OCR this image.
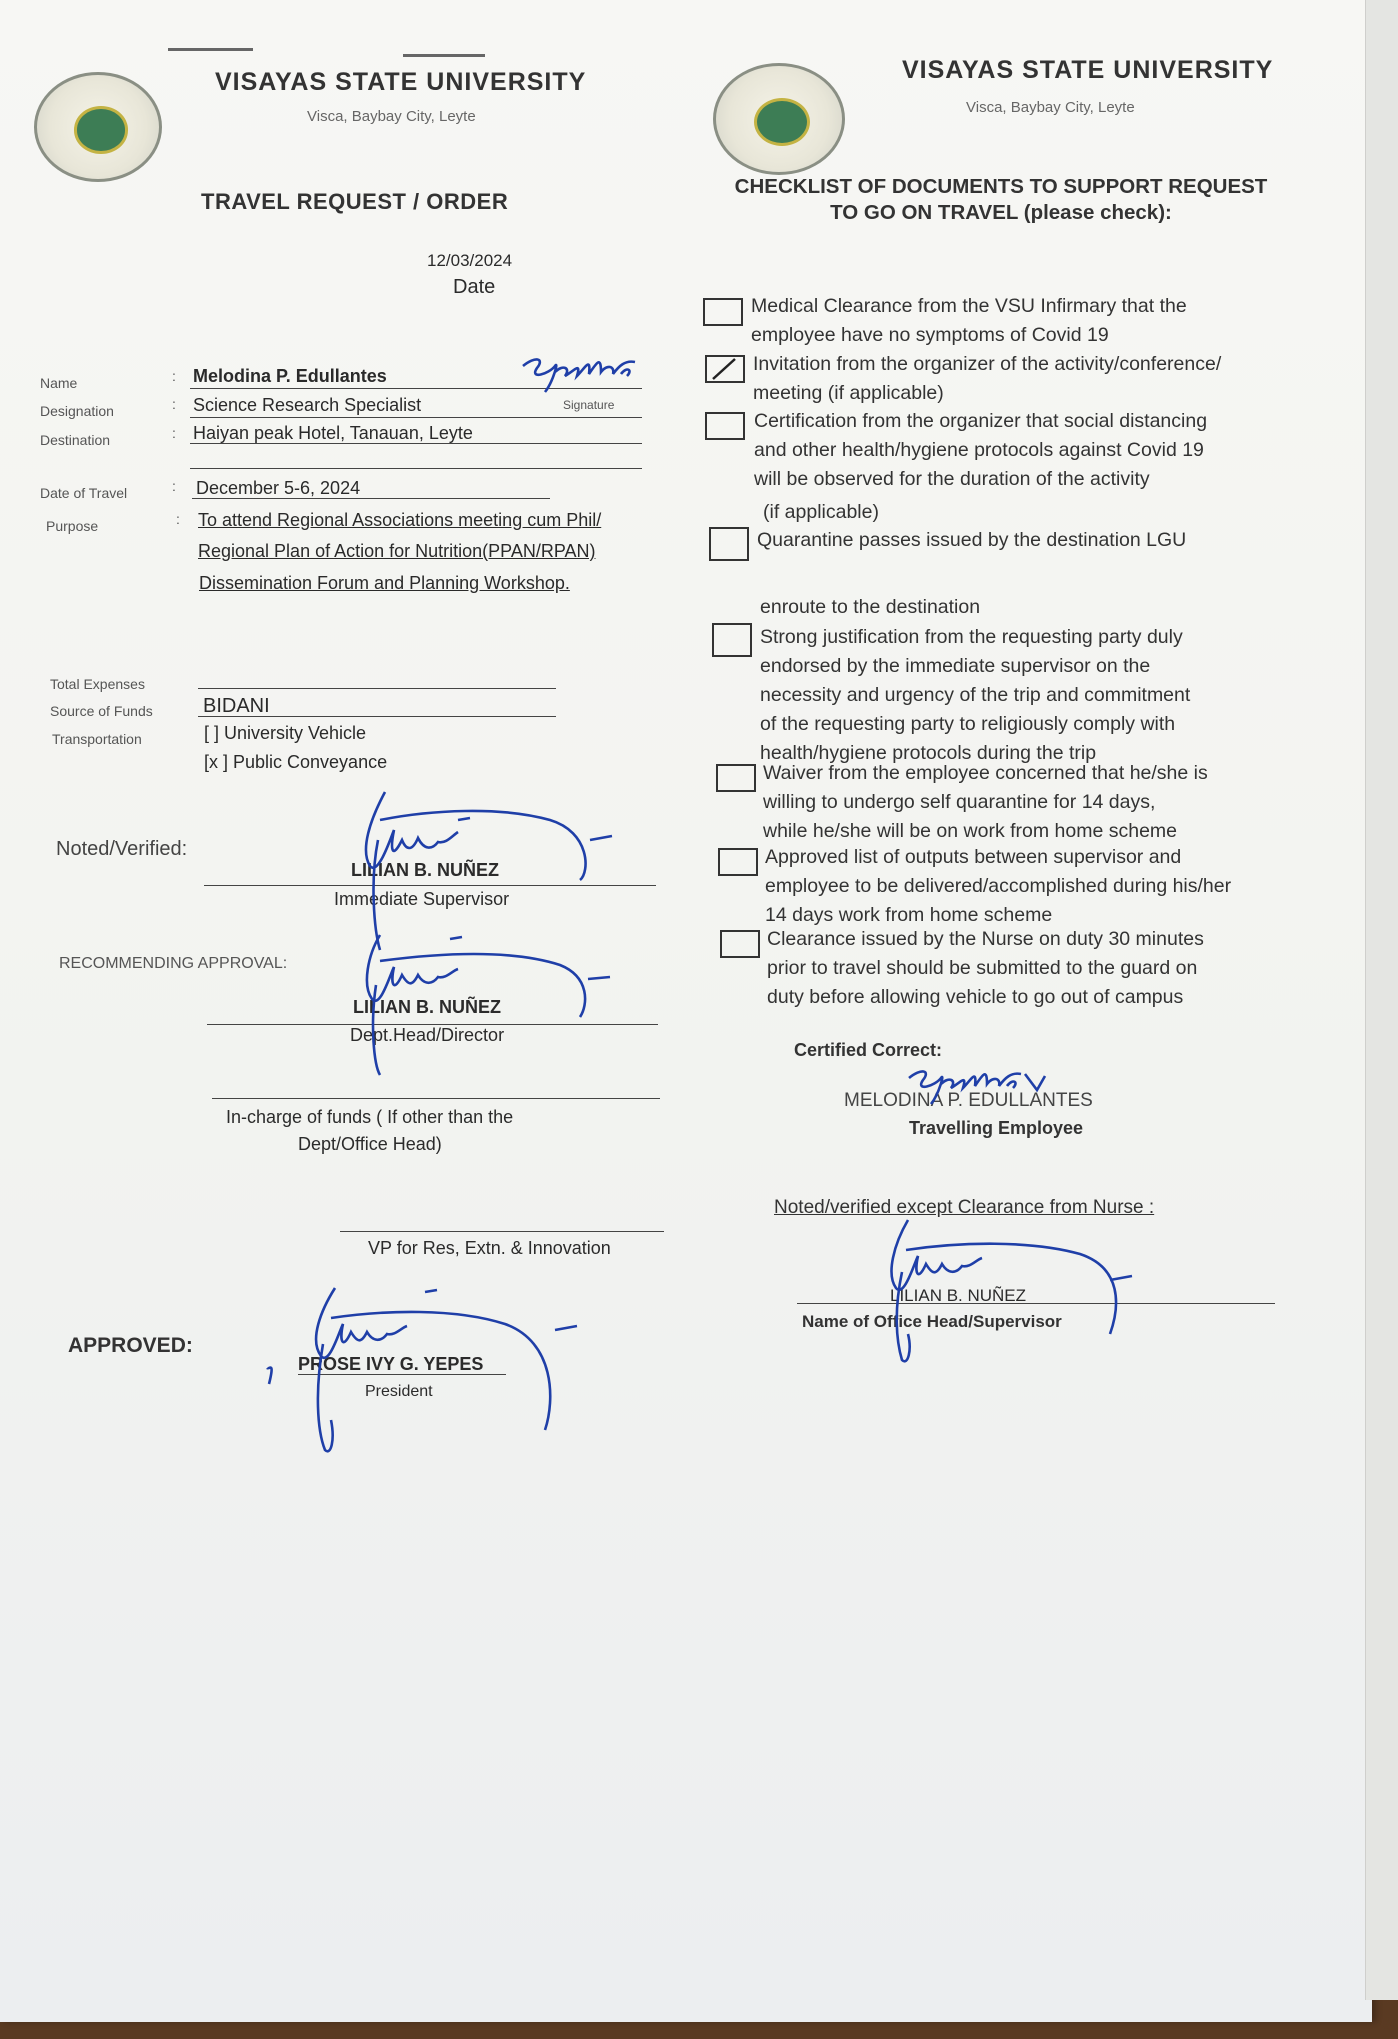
VISAYAS STATE UNIVERSITY
Visca, Baybay City, Leyte
TRAVEL REQUEST / ORDER
12/03/2024
Date
Name	: Melodina P. Edullantes
Signature
Designation	: Science Research Specialist
Destination	: Haiyan peak Hotel, Tanauan, Leyte
Date of Travel	: December 5-6, 2024
Purpose	: To attend Regional Associations meeting cum Phil/
Regional Plan of Action for Nutrition(PPAN/RPAN)
Dissemination Forum and Planning Workshop.
Total Expenses
Source of Funds	BIDANI
Transportation	[ ] University Vehicle
[x ] Public Conveyance
Noted/Verified:
LILIAN B. NUÑEZ
Immediate Supervisor
RECOMMENDING APPROVAL:
LILIAN B. NUÑEZ
Dept.Head/Director
In-charge of funds ( If other than the
Dept/Office Head)
VP for Res, Extn. & Innovation
APPROVED:
PROSE IVY G. YEPES
President
VISAYAS STATE UNIVERSITY
Visca, Baybay City, Leyte
CHECKLIST OF DOCUMENTS TO SUPPORT REQUEST
TO GO ON TRAVEL (please check):
Medical Clearance from the VSU Infirmary that the
employee have no symptoms of Covid 19
Invitation from the organizer of the activity/conference/
meeting (if applicable)
Certification from the organizer that social distancing
and other health/hygiene protocols against Covid 19
will be observed for the duration of the activity
(if applicable)
Quarantine passes issued by the destination LGU
enroute to the destination
Strong justification from the requesting party duly
endorsed by the immediate supervisor on the
necessity and urgency of the trip and commitment
of the requesting party to religiously comply with
health/hygiene protocols during the trip
Waiver from the employee concerned that he/she is
willing to undergo self quarantine for 14 days,
while he/she will be on work from home scheme
Approved list of outputs between supervisor and
employee to be delivered/accomplished during his/her
14 days work from home scheme
Clearance issued by the Nurse on duty 30 minutes
prior to travel should be submitted to the guard on
duty before allowing vehicle to go out of campus
Certified Correct:
MELODINA P. EDULLANTES
Travelling Employee
Noted/verified except Clearance from Nurse :
LILIAN B. NUÑEZ
Name of Office Head/Supervisor
